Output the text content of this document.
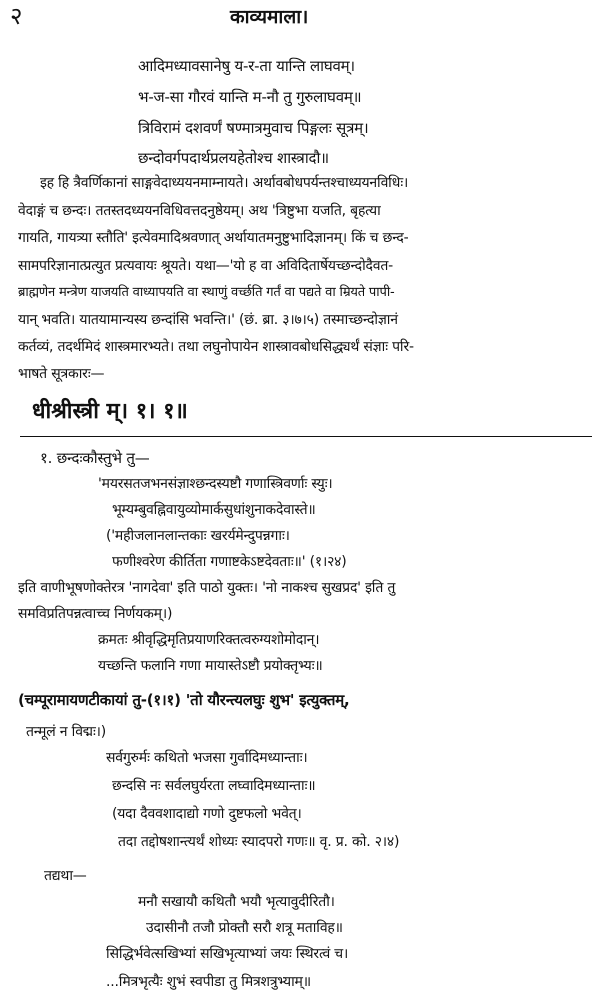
२	काव्यमाला।
आदिमध्यावसानेषु य-र-ता यान्ति लाघवम्।
भ-ज-सा गौरवं यान्ति म-नौ तु गुरुलाघवम्॥
त्रिविरामं दशवर्णं षण्मात्रमुवाच पिङ्गलः सूत्रम्।
छन्दोवर्गपदार्थप्रलयहेतोश्च शास्त्रादौ॥
इह हि त्रैवर्णिकानां साङ्गवेदाध्ययनमाम्नायते। अर्थावबोधपर्यन्तश्चाध्ययनविधिः।
वेदाङ्गं च छन्दः। ततस्तदध्ययनविधिवत्तदनुष्ठेयम्। अथ 'त्रिष्टुभा यजति, बृहत्या
गायति, गायत्र्या स्तौति' इत्येवमादिश्रवणात् अर्थायातमनुष्टुभादिज्ञानम्। किं च छन्द-
सामपरिज्ञानात्प्रत्युत प्रत्यवायः श्रूयते। यथा—'यो ह वा अविदितार्षेयच्छन्दोदैवत-
ब्राह्मणेन मन्त्रेण याजयति वाध्यापयति वा स्थाणुं वर्च्छति गर्तं वा पद्यते वा म्रियते पापी-
यान् भवति। यातयामान्यस्य छन्दांसि भवन्ति।' (छं. ब्रा. ३।७।५) तस्माच्छन्दोज्ञानं
कर्तव्यं, तदर्थमिदं शास्त्रमारभ्यते। तथा लघुनोपायेन शास्त्रावबोधसिद्ध्यर्थं संज्ञाः परि-
भाषते सूत्रकारः—
धीश्रीस्त्री म्। १। १॥
१. छन्दःकौस्तुभे तु—
'मयरसतजभनसंज्ञाश्छन्दस्यष्टौ गणास्त्रिवर्णाः स्युः।
भूम्यम्बुवह्निवायुव्योमार्कसुधांशुनाकदेवास्ते॥
('महीजलानलान्तकाः खरर्यमेन्दुपन्नगाः।
फणीश्वरेण कीर्तिता गणाष्टकेऽष्टदेवताः॥' (१।२४)
इति वाणीभूषणोक्तेरत्र 'नागदेवा' इति पाठो युक्तः। 'नो नाकश्च सुखप्रद' इति तु
समविप्रतिपन्नत्वाच्च निर्णयकम्।)
क्रमतः श्रीवृद्धिमृतिप्रयाणरिक्तत्वरुग्यशोमोदान्।
यच्छन्ति फलानि गणा मायास्तेऽष्टौ प्रयोक्तृभ्यः॥
(चम्पूरामायणटीकायां तु-(१।१) 'तो यौरन्त्यलघुः शुभ' इत्युक्तम्,
तन्मूलं न विद्मः।)
सर्वगुरुर्मः कथितो भजसा गुर्वादिमध्यान्ताः।
छन्दसि नः सर्वलघुर्यरता लघ्वादिमध्यान्ताः॥
(यदा दैववशादाद्यो गणो दुष्टफलो भवेत्।
तदा तद्दोषशान्त्यर्थं शोध्यः स्यादपरो गणः॥ वृ. प्र. को. २।४)
तद्यथा—
मनौ सखायौ कथितौ भयौ भृत्यावुदीरितौ।
उदासीनौ तजौ प्रोक्तौ सरौ शत्रू मताविह॥
सिद्धिर्भवेत्सखिभ्यां सखिभृत्याभ्यां जयः स्थिरत्वं च।
...मित्रभृत्यैः शुभं स्वपीडा तु मित्रशत्रुभ्याम्॥
